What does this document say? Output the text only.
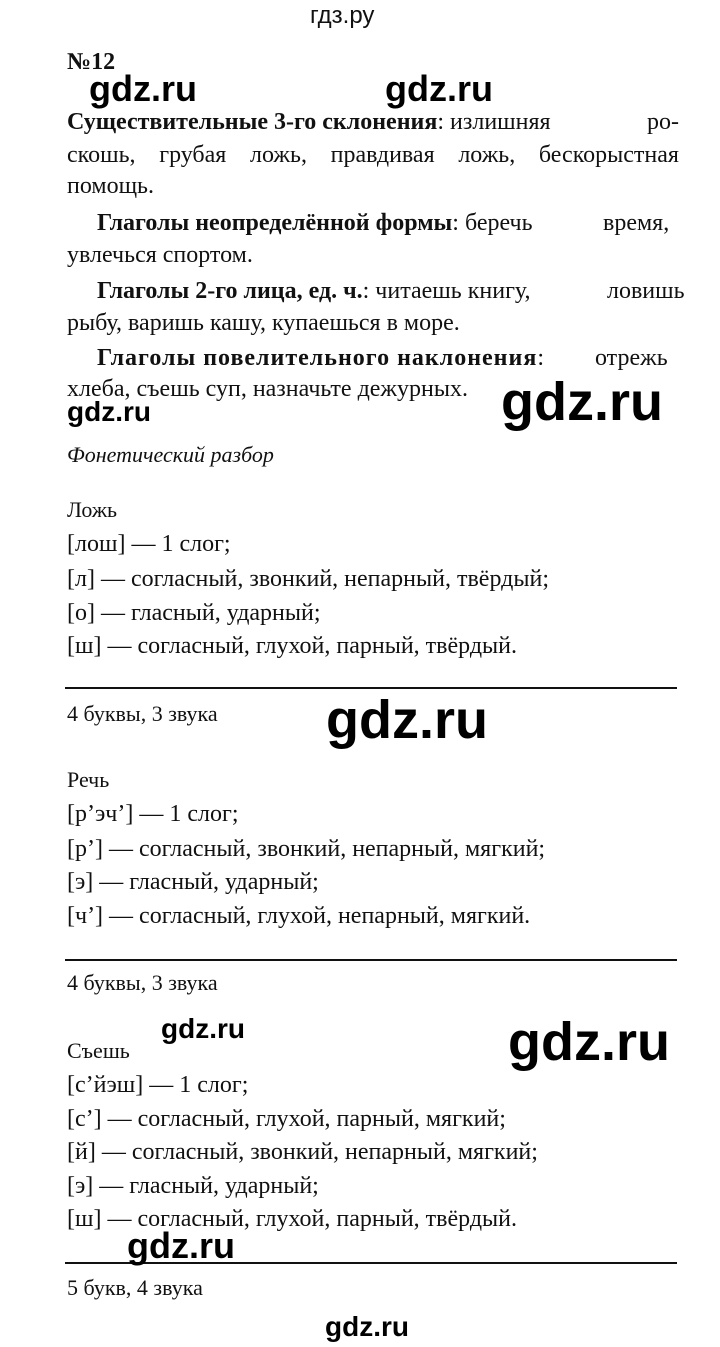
гдз.ру
№12
Существительные 3-го склонения: излишняя	ро-
скошь, грубая ложь, правдивая ложь, бескорыстная
помощь.
Глаголы неопределённой формы: беречь	время,
увлечься спортом.
Глаголы 2-го лица, ед. ч.: читаешь книгу,	ловишь
рыбу, варишь кашу, купаешься в море.
Глаголы повелительного наклонения: отрежь
хлеба, съешь суп, назначьте дежурных.
Фонетический разбор
Ложь
[лош] — 1 слог;
[л] — согласный, звонкий, непарный, твёрдый;
[о] — гласный, ударный;
[ш] — согласный, глухой, парный, твёрдый.
4 буквы, 3 звука
Речь
[р’эч’] — 1 слог;
[р’] — согласный, звонкий, непарный, мягкий;
[э] — гласный, ударный;
[ч’] — согласный, глухой, непарный, мягкий.
4 буквы, 3 звука
Съешь
[с’йэш] — 1 слог;
[с’] — согласный, глухой, парный, мягкий;
[й] — согласный, звонкий, непарный, мягкий;
[э] — гласный, ударный;
[ш] — согласный, глухой, парный, твёрдый.
5 букв, 4 звука
gdz.ru	gdz.ru
gdz.ru	gdz.ru
gdz.ru
gdz.ru	gdz.ru
gdz.ru
gdz.ru
